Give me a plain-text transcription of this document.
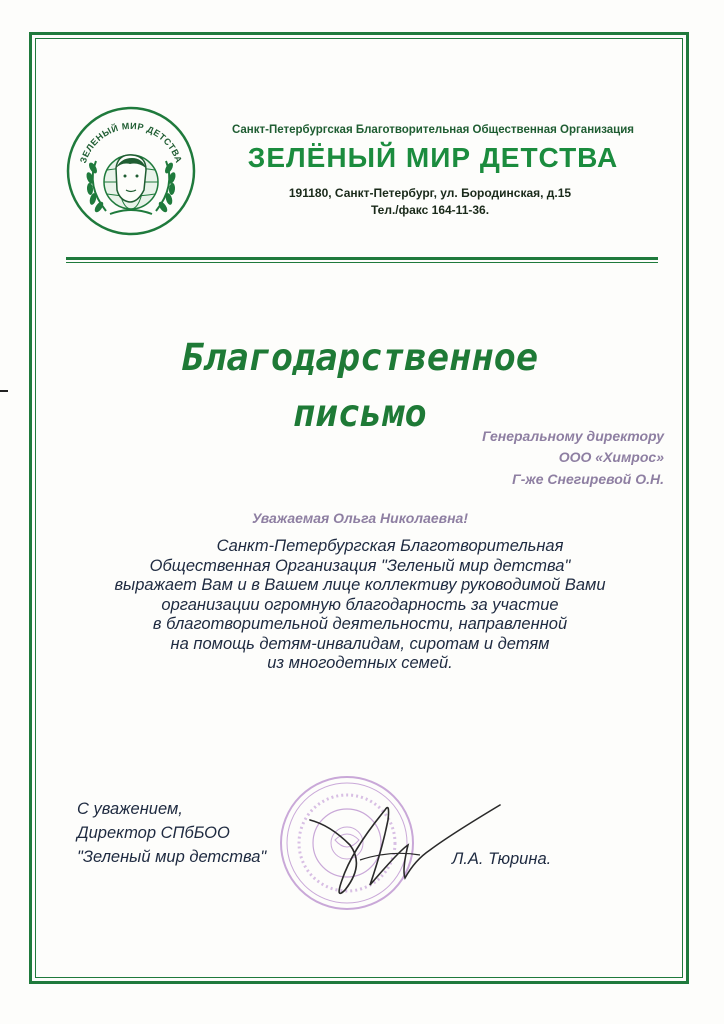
ЗЕЛЕНЫЙ МИР ДЕТСТВА
Санкт-Петербургская Благотворительная Общественная Организация
ЗЕЛЁНЫЙ МИР ДЕТСТВА
191180, Санкт-Петербург, ул. Бородинская, д.15
Тел./факс 164-11-36.
Благодарственное
письмо
Генеральному директору
ООО «Химрос»
Г-же Снегиревой О.Н.
Уважаемая Ольга Николаевна!
Санкт-Петербургская Благотворительная
Общественная Организация "Зеленый мир детства"
выражает Вам и в Вашем лице коллективу руководимой Вами
организации огромную благодарность за участие
в благотворительной деятельности, направленной
на помощь детям-инвалидам, сиротам и детям
из многодетных семей.
С уважением,
Директор СПбБОО
"Зеленый мир детства"	Л.А. Тюрина.
